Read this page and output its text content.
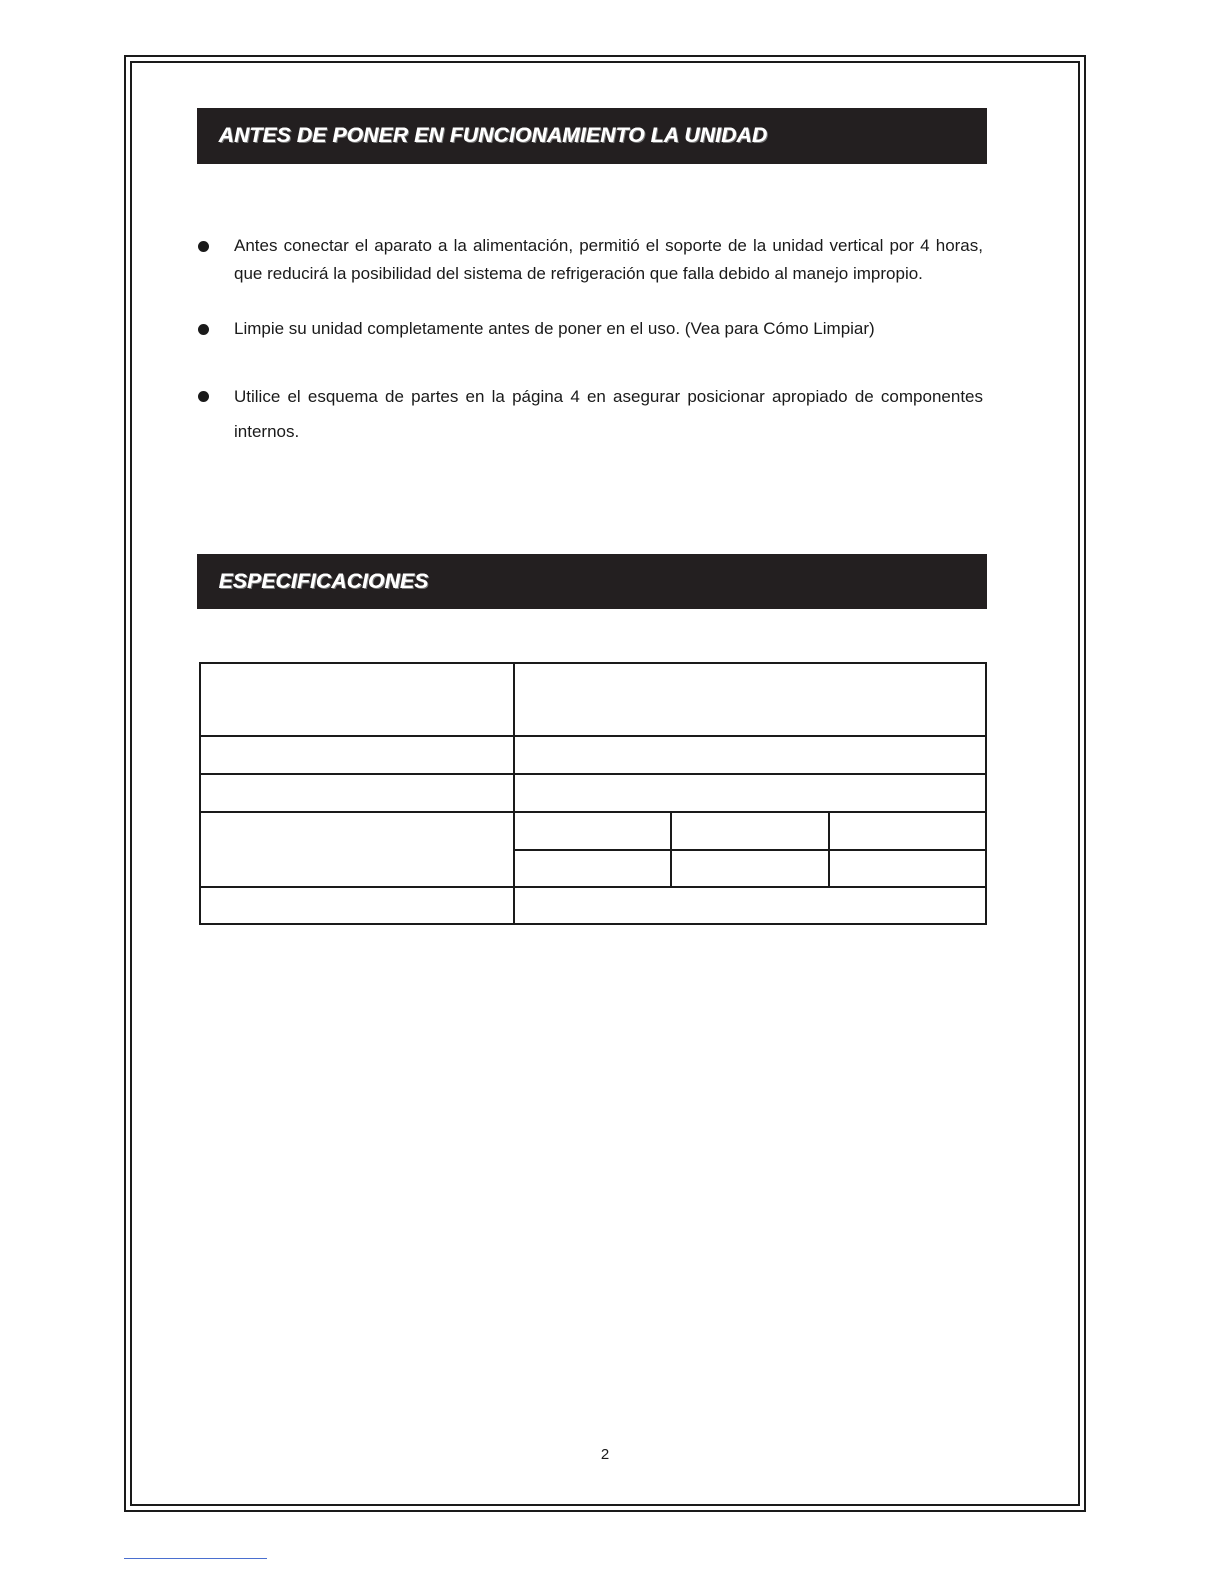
ANTES DE PONER EN FUNCIONAMIENTO LA UNIDAD
Antes conectar el aparato a la alimentación, permitió el soporte de la unidad vertical por 4 horas, que reducirá la posibilidad del sistema de refrigeración que falla debido al manejo impropio.
Limpie su unidad completamente antes de poner en el uso. (Vea para Cómo Limpiar)
Utilice el esquema de partes en la página 4 en asegurar posicionar apropiado de componentes internos.
ESPECIFICACIONES
2
